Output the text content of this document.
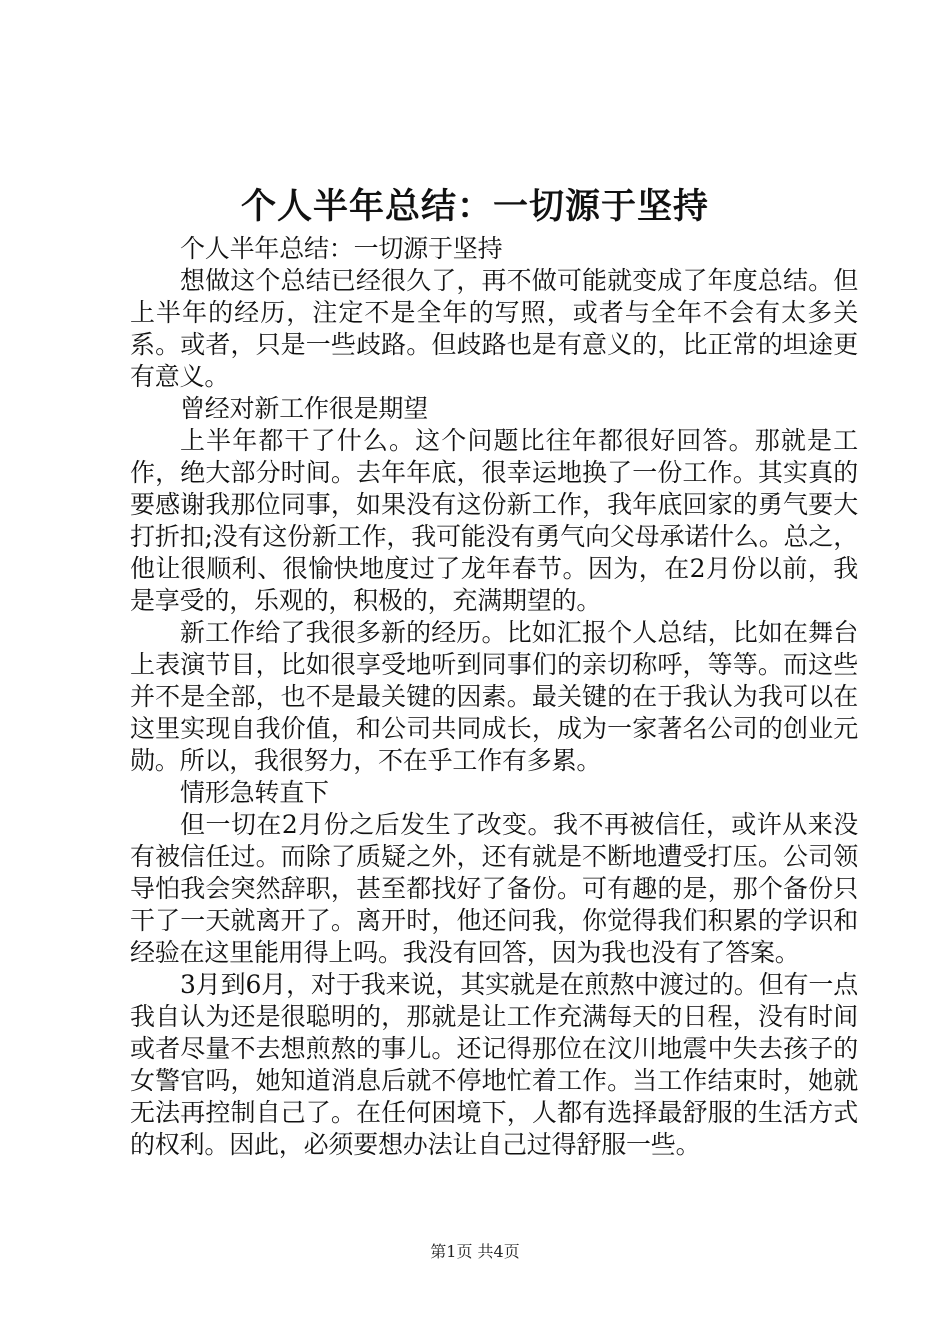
个人半年总结：一切源于坚持

个人半年总结：一切源于坚持

想做这个总结已经很久了，再不做可能就变成了年度总结。但上半年的经历，注定不是全年的写照，或者与全年不会有太多关系。或者，只是一些歧路。但歧路也是有意义的，比正常的坦途更有意义。

曾经对新工作很是期望

上半年都干了什么。这个问题比往年都很好回答。那就是工作，绝大部分时间。去年年底，很幸运地换了一份工作。其实真的要感谢我那位同事，如果没有这份新工作，我年底回家的勇气要大打折扣;没有这份新工作，我可能没有勇气向父母承诺什么。总之，他让很顺利、很愉快地度过了龙年春节。因为，在2月份以前，我是享受的，乐观的，积极的，充满期望的。

新工作给了我很多新的经历。比如汇报个人总结，比如在舞台上表演节目，比如很享受地听到同事们的亲切称呼，等等。而这些并不是全部，也不是最关键的因素。最关键的在于我认为我可以在这里实现自我价值，和公司共同成长，成为一家著名公司的创业元勋。所以，我很努力，不在乎工作有多累。

情形急转直下

但一切在2月份之后发生了改变。我不再被信任，或许从来没有被信任过。而除了质疑之外，还有就是不断地遭受打压。公司领导怕我会突然辞职，甚至都找好了备份。可有趣的是，那个备份只干了一天就离开了。离开时，他还问我，你觉得我们积累的学识和经验在这里能用得上吗。我没有回答，因为我也没有了答案。

3月到6月，对于我来说，其实就是在煎熬中渡过的。但有一点我自认为还是很聪明的，那就是让工作充满每天的日程，没有时间或者尽量不去想煎熬的事儿。还记得那位在汶川地震中失去孩子的女警官吗，她知道消息后就不停地忙着工作。当工作结束时，她就无法再控制自己了。在任何困境下，人都有选择最舒服的生活方式的权利。因此，必须要想办法让自己过得舒服一些。

第1页 共4页
